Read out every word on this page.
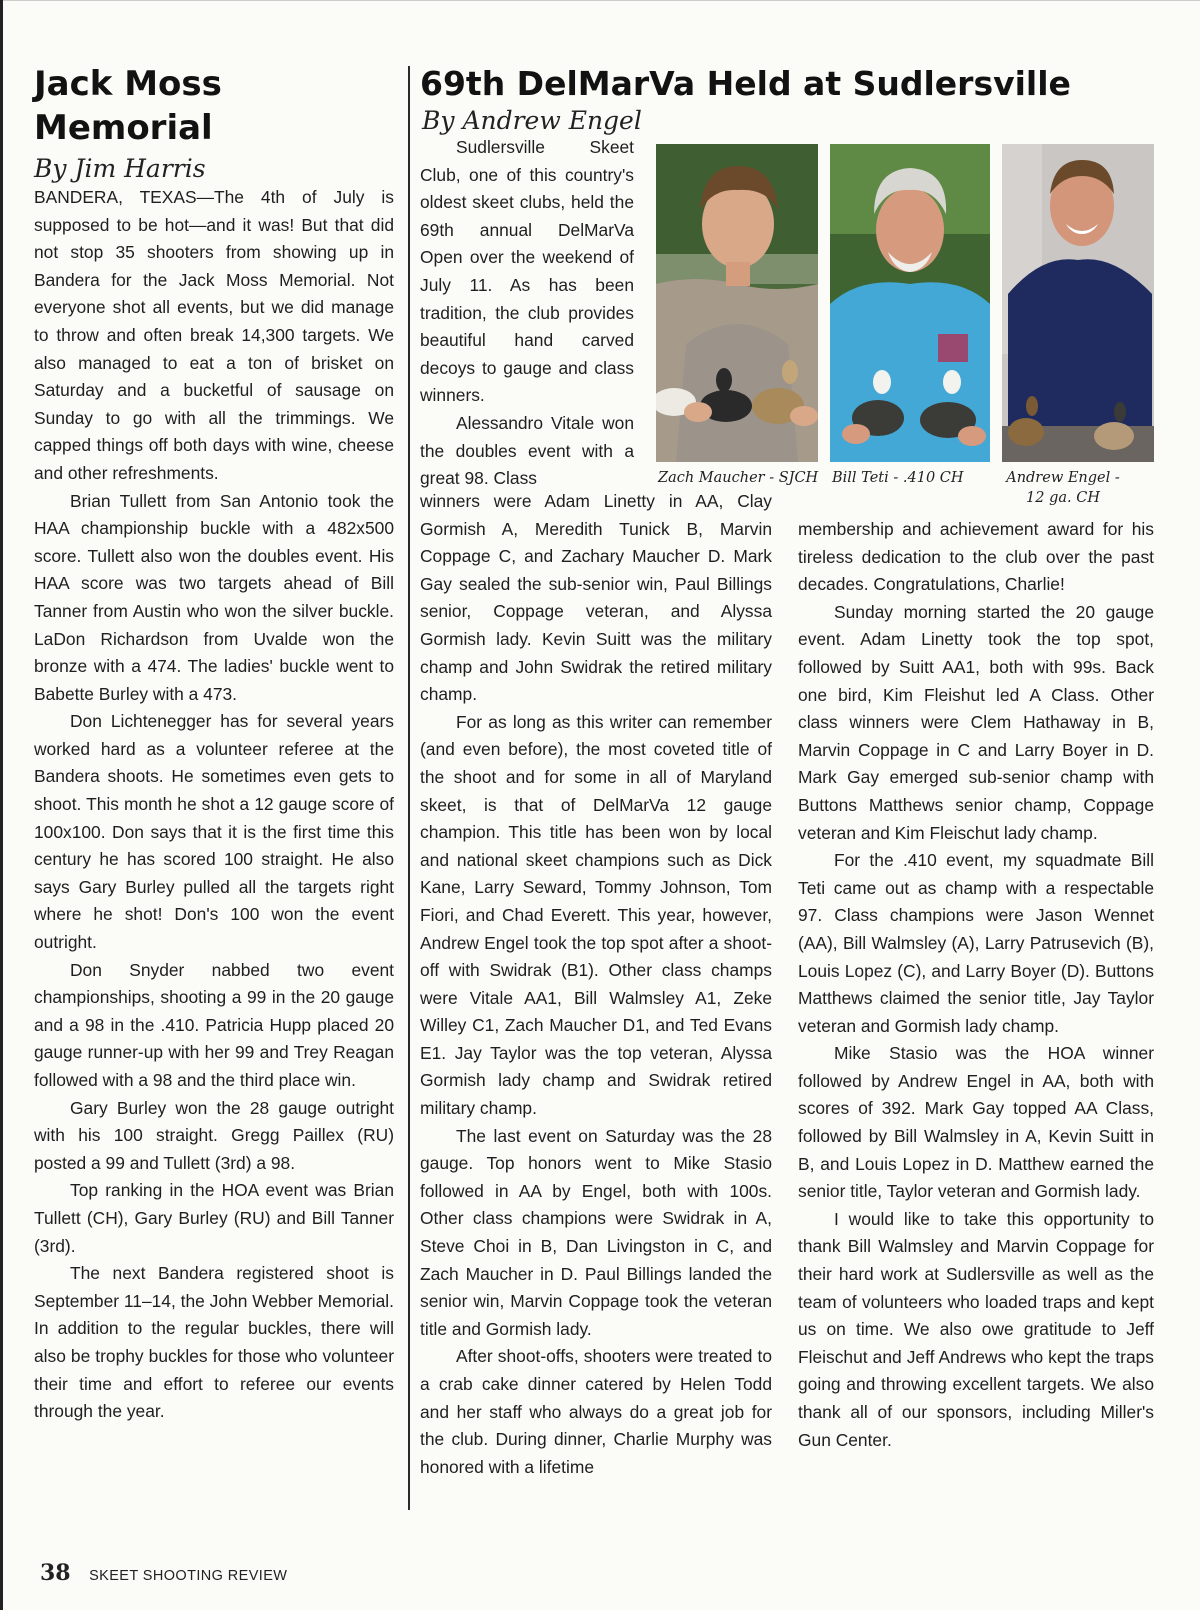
Jack Moss
Memorial
By Jim Harris

BANDERA, TEXAS—The 4th of July is supposed to be hot—and it was! But that did not stop 35 shooters from showing up in Bandera for the Jack Moss Memorial. Not everyone shot all events, but we did manage to throw and often break 14,300 targets. We also managed to eat a ton of brisket on Saturday and a bucketful of sausage on Sunday to go with all the trimmings. We capped things off both days with wine, cheese and other refreshments.

Brian Tullett from San Antonio took the HAA championship buckle with a 482x500 score. Tullett also won the doubles event. His HAA score was two targets ahead of Bill Tanner from Austin who won the silver buckle. LaDon Richardson from Uvalde won the bronze with a 474. The ladies' buckle went to Babette Burley with a 473.

Don Lichtenegger has for several years worked hard as a volunteer referee at the Bandera shoots. He sometimes even gets to shoot. This month he shot a 12 gauge score of 100x100. Don says that it is the first time this century he has scored 100 straight. He also says Gary Burley pulled all the targets right where he shot! Don's 100 won the event outright.

Don Snyder nabbed two event championships, shooting a 99 in the 20 gauge and a 98 in the .410. Patricia Hupp placed 20 gauge runner-up with her 99 and Trey Reagan followed with a 98 and the third place win.

Gary Burley won the 28 gauge outright with his 100 straight. Gregg Paillex (RU) posted a 99 and Tullett (3rd) a 98.

Top ranking in the HOA event was Brian Tullett (CH), Gary Burley (RU) and Bill Tanner (3rd).

The next Bandera registered shoot is September 11–14, the John Webber Memorial. In addition to the regular buckles, there will also be trophy buckles for those who volunteer their time and effort to referee our events through the year.

69th DelMarVa Held at Sudlersville
By Andrew Engel

Sudlersville Skeet Club, one of this country's oldest skeet clubs, held the 69th annual DelMarVa Open over the weekend of July 11. As has been tradition, the club provides beautiful hand carved decoys to gauge and class winners.

Alessandro Vitale won the doubles event with a great 98. Class	Zach Maucher - SJCH Bill Teti - .410 CH	Andrew Engel -
12 ga. CH

winners were Adam Linetty in AA, Clay Gormish A, Meredith Tunick B, Marvin Coppage C, and Zachary Maucher D. Mark Gay sealed the sub-senior win, Paul Billings senior, Coppage veteran, and Alyssa Gormish lady. Kevin Suitt was the military champ and John Swidrak the retired military champ.

For as long as this writer can remember (and even before), the most coveted title of the shoot and for some in all of Maryland skeet, is that of DelMarVa 12 gauge champion. This title has been won by local and national skeet champions such as Dick Kane, Larry Seward, Tommy Johnson, Tom Fiori, and Chad Everett. This year, however, Andrew Engel took the top spot after a shoot-off with Swidrak (B1). Other class champs were Vitale AA1, Bill Walmsley A1, Zeke Willey C1, Zach Maucher D1, and Ted Evans E1. Jay Taylor was the top veteran, Alyssa Gormish lady champ and Swidrak retired military champ.

The last event on Saturday was the 28 gauge. Top honors went to Mike Stasio followed in AA by Engel, both with 100s. Other class champions were Swidrak in A, Steve Choi in B, Dan Livingston in C, and Zach Maucher in D. Paul Billings landed the senior win, Marvin Coppage took the veteran title and Gormish lady.

After shoot-offs, shooters were treated to a crab cake dinner catered by Helen Todd and her staff who always do a great job for the club. During dinner, Charlie Murphy was honored with a lifetime

membership and achievement award for his tireless dedication to the club over the past decades. Congratulations, Charlie!

Sunday morning started the 20 gauge event. Adam Linetty took the top spot, followed by Suitt AA1, both with 99s. Back one bird, Kim Fleishut led A Class. Other class winners were Clem Hathaway in B, Marvin Coppage in C and Larry Boyer in D. Mark Gay emerged sub-senior champ with Buttons Matthews senior champ, Coppage veteran and Kim Fleischut lady champ.

For the .410 event, my squadmate Bill Teti came out as champ with a respectable 97. Class champions were Jason Wennet (AA), Bill Walmsley (A), Larry Patrusevich (B), Louis Lopez (C), and Larry Boyer (D). Buttons Matthews claimed the senior title, Jay Taylor veteran and Gormish lady champ.

Mike Stasio was the HOA winner followed by Andrew Engel in AA, both with scores of 392. Mark Gay topped AA Class, followed by Bill Walmsley in A, Kevin Suitt in B, and Louis Lopez in D. Matthew earned the senior title, Taylor veteran and Gormish lady.

I would like to take this opportunity to thank Bill Walmsley and Marvin Coppage for their hard work at Sudlersville as well as the team of volunteers who loaded traps and kept us on time. We also owe gratitude to Jeff Fleischut and Jeff Andrews who kept the traps going and throwing excellent targets. We also thank all of our sponsors, including Miller's Gun Center.

38 SKEET SHOOTING REVIEW
